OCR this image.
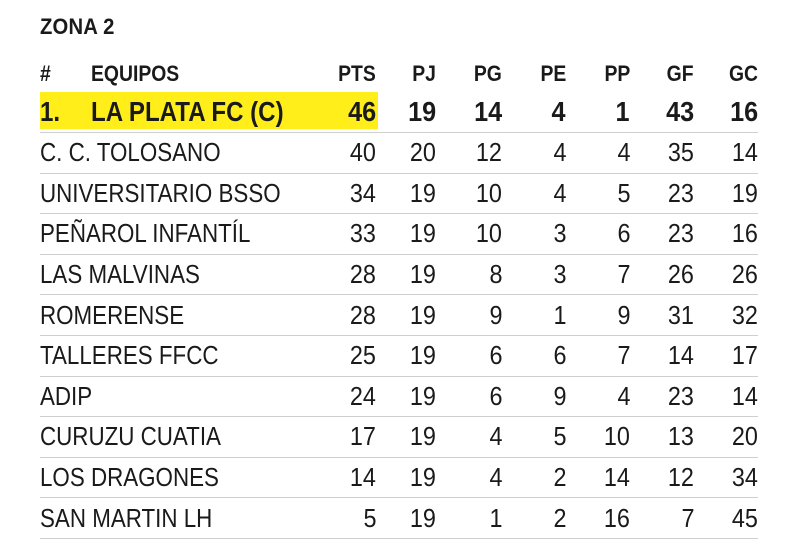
ZONA 2
# EQUIPOS	PTS PJ PG PE PP GF GC
1. LA PLATA FC (C) 46 19 14 4 1 43 16
C. C. TOLOSANO	40 20 12 4 4 35 14
UNIVERSITARIO BSSO	34 19 10 4 5 23 19
PEÑAROL INFANTÍL	33 19 10 3 6 23 16
LAS MALVINAS	28 19 8 3 7 26 26
ROMERENSE	28 19 9 1 9 31 32
TALLERES FFCC	25 19 6 6 7 14 17
ADIP	24 19 6 9 4 23 14
CURUZU CUATIA	17 19 4 5 10 13 20
LOS DRAGONES	14 19 4 2 14 12 34
SAN MARTIN LH	5 19 1 2 16 7 45
